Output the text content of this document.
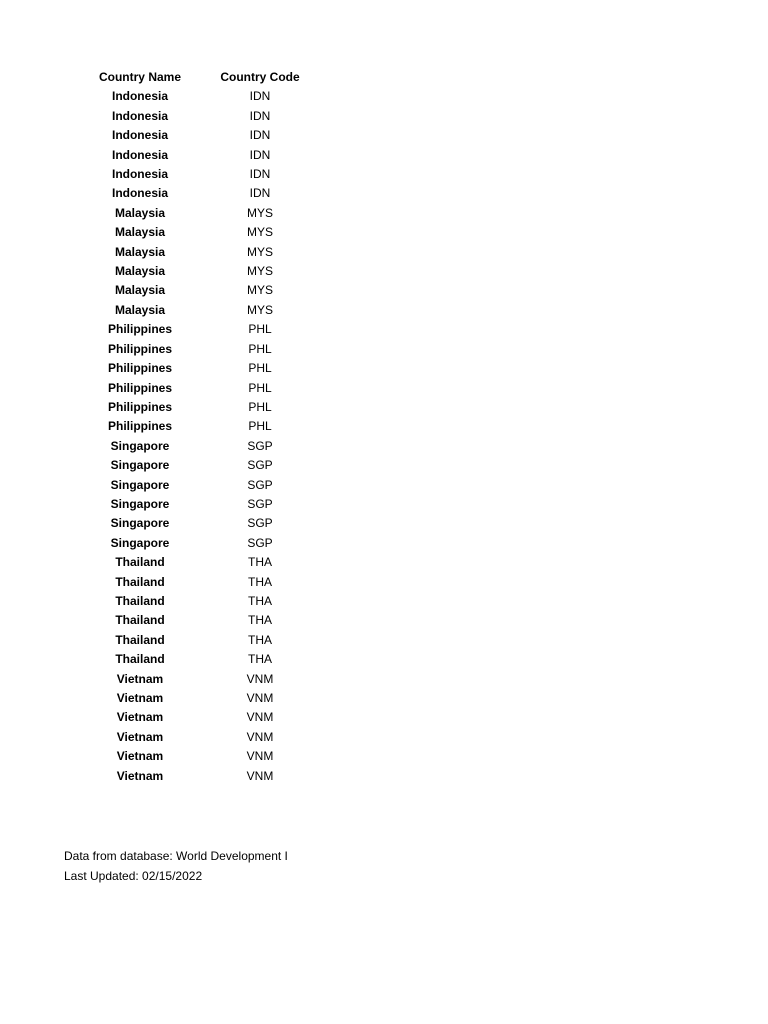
Country Name	Country Code
Indonesia	IDN
Indonesia	IDN
Indonesia	IDN
Indonesia	IDN
Indonesia	IDN
Indonesia	IDN
Malaysia	MYS
Malaysia	MYS
Malaysia	MYS
Malaysia	MYS
Malaysia	MYS
Malaysia	MYS
Philippines	PHL
Philippines	PHL
Philippines	PHL
Philippines	PHL
Philippines	PHL
Philippines	PHL
Singapore	SGP
Singapore	SGP
Singapore	SGP
Singapore	SGP
Singapore	SGP
Singapore	SGP
Thailand	THA
Thailand	THA
Thailand	THA
Thailand	THA
Thailand	THA
Thailand	THA
Vietnam	VNM
Vietnam	VNM
Vietnam	VNM
Vietnam	VNM
Vietnam	VNM
Vietnam	VNM
Data from database: World Development I
Last Updated: 02/15/2022
